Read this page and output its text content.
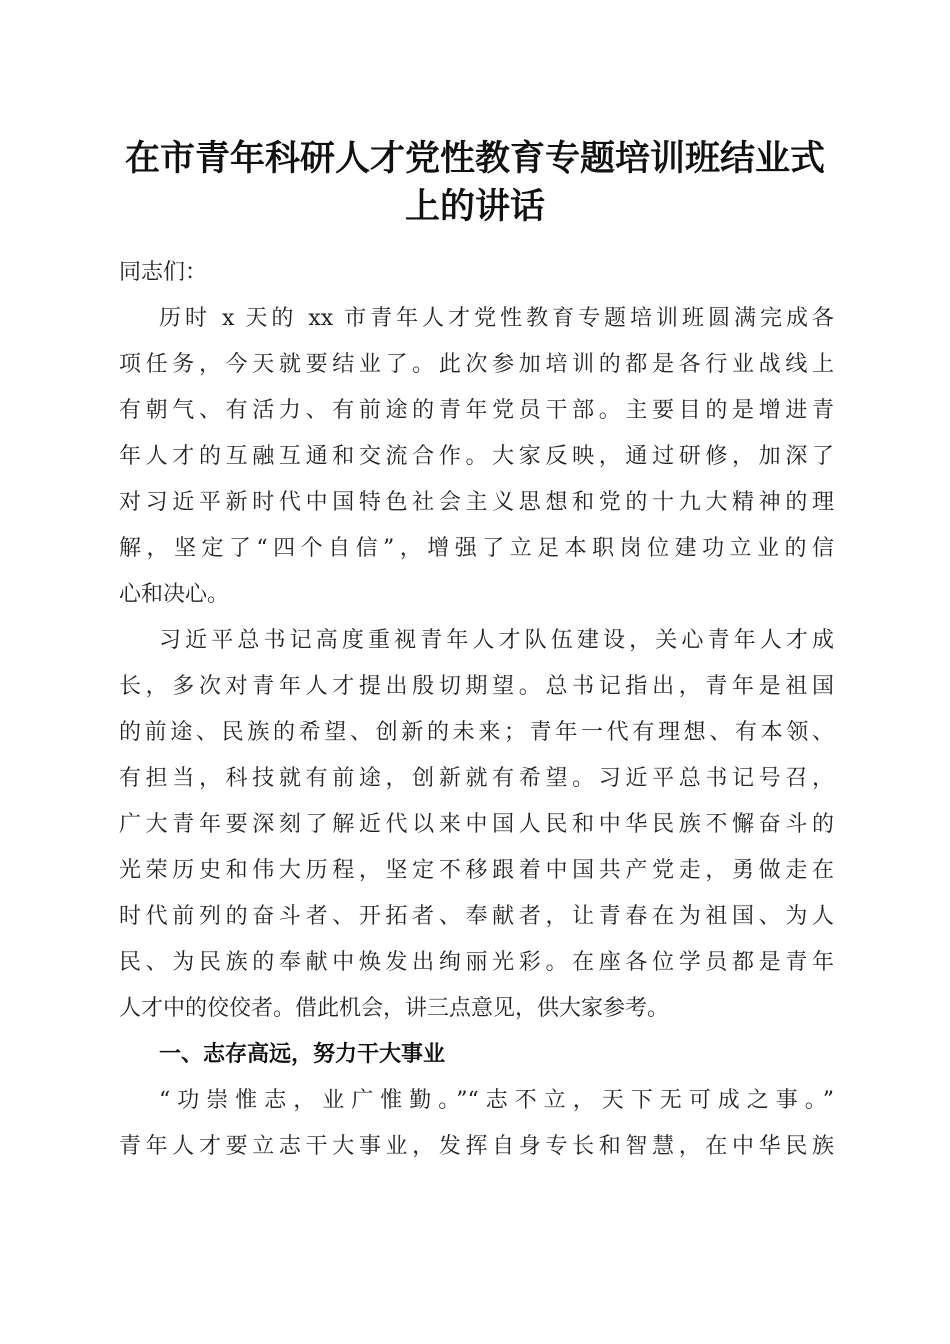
在市青年科研人才党性教育专题培训班结业式
上的讲话
同志们：
历时 x 天的 xx 市青年人才党性教育专题培训班圆满完成各
项任务，今天就要结业了。此次参加培训的都是各行业战线上
有朝气、有活力、有前途的青年党员干部。主要目的是增进青
年人才的互融互通和交流合作。大家反映，通过研修，加深了
对习近平新时代中国特色社会主义思想和党的十九大精神的理
解，坚定了“四个自信”，增强了立足本职岗位建功立业的信
心和决心。
习近平总书记高度重视青年人才队伍建设，关心青年人才成
长，多次对青年人才提出殷切期望。总书记指出，青年是祖国
的前途、民族的希望、创新的未来；青年一代有理想、有本领、
有担当，科技就有前途，创新就有希望。习近平总书记号召，
广大青年要深刻了解近代以来中国人民和中华民族不懈奋斗的
光荣历史和伟大历程，坚定不移跟着中国共产党走，勇做走在
时代前列的奋斗者、开拓者、奉献者，让青春在为祖国、为人
民、为民族的奉献中焕发出绚丽光彩。在座各位学员都是青年
人才中的佼佼者。借此机会，讲三点意见，供大家参考。
一、志存高远，努力干大事业
“功崇惟志，业广惟勤。”“志不立，天下无可成之事。”
青年人才要立志干大事业，发挥自身专长和智慧，在中华民族
